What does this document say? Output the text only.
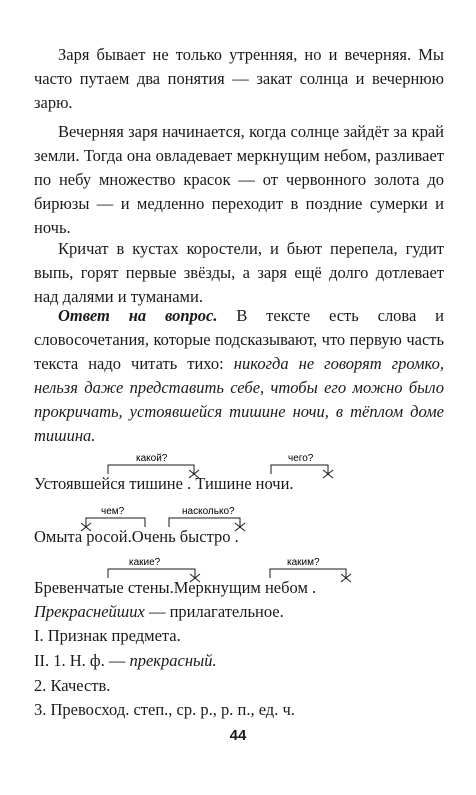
Заря бывает не только утренняя, но и вечерняя. Мы часто путаем два понятия — закат солнца и вечернюю зарю.

Вечерняя заря начинается, когда солнце зайдёт за край земли. Тогда она овладевает меркнущим небом, разливает по небу множество красок — от червонного золота до бирюзы — и медленно переходит в поздние сумерки и ночь.

Кричат в кустах коростели, и бьют перепела, гудит выпь, горят первые звёзды, а заря ещё долго дотлевает над далями и туманами.

Ответ на вопрос. В тексте есть слова и словосочетания, которые подсказывают, что первую часть текста надо читать тихо: никогда не говорят громко, нельзя даже представить себе, чтобы его можно было прокричать, устоявшейся тишине ночи, в тёплом доме тишина.

какой?	чего?
чем?	насколько?
какие?	каким?
Устоявшейся тишине . Тишине ночи.
Омыта росой.Очень быстро .
Бревенчатые стены.Меркнущим небом .
Прекраснейших — прилагательное.
I. Признак предмета.
II. 1. Н. ф. — прекрасный.
2. Качеств.
3. Превосход. степ., ср. р., р. п., ед. ч.
44
